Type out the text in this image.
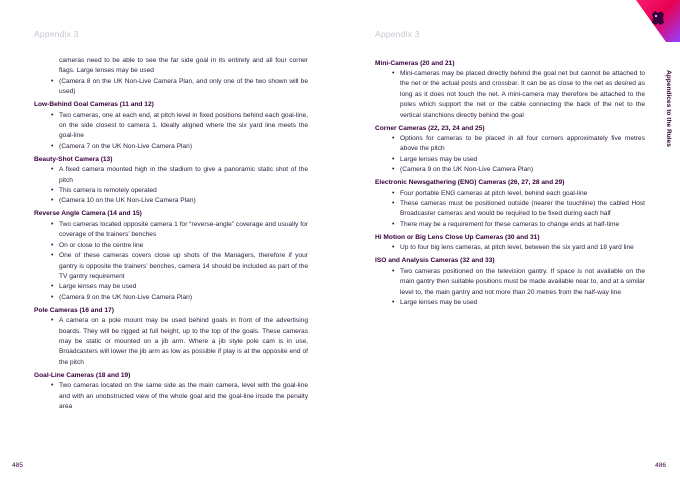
Appendix 3
cameras need to be able to see the far side goal in its entirety and all four corner flags. Large lenses may be used
• (Camera 8 on the UK Non-Live Camera Plan, and only one of the two shown will be used)
Low-Behind Goal Cameras (11 and 12)
• Two cameras, one at each end, at pitch level in fixed positions behind each goal-line, on the side closest to camera 1. Ideally aligned where the six yard line meets the goal-line
• (Camera 7 on the UK Non-Live Camera Plan)
Beauty-Shot Camera (13)
• A fixed camera mounted high in the stadium to give a panoramic static shot of the pitch
• This camera is remotely operated
• (Camera 10 on the UK Non-Live Camera Plan)
Reverse Angle Camera (14 and 15)
• Two cameras located opposite camera 1 for “reverse-angle” coverage and usually for coverage of the trainers’ benches
• On or close to the centre line
• One of these cameras covers close up shots of the Managers, therefore if your gantry is opposite the trainers’ benches, camera 14 should be included as part of the TV gantry requirement
• Large lenses may be used
• (Camera 9 on the UK Non-Live Camera Plan)
Pole Cameras (16 and 17)
• A camera on a pole mount may be used behind goals in front of the advertising boards. They will be rigged at full height, up to the top of the goals. These cameras may be static or mounted on a jib arm. Where a jib style pole cam is in use, Broadcasters will lower the jib arm as low as possible if play is at the opposite end of the pitch
Goal-Line Cameras (18 and 19)
• Two cameras located on the same side as the main camera, level with the goal-line and with an unobstructed view of the whole goal and the goal-line inside the penalty area
485
Appendix 3
Mini-Cameras (20 and 21)
• Mini-cameras may be placed directly behind the goal net but cannot be attached to the net or the actual posts and crossbar. It can be as close to the net as desired as long as it does not touch the net. A mini-camera may therefore be attached to the poles which support the net or the cable connecting the back of the net to the vertical stanchions directly behind the goal
Corner Cameras (22, 23, 24 and 25)
• Options for cameras to be placed in all four corners approximately five metres above the pitch
• Large lenses may be used
• (Camera 9 on the UK Non-Live Camera Plan)
Electronic Newsgathering (ENG) Cameras (26, 27, 28 and 29)
• Four portable ENG cameras at pitch level, behind each goal-line
• These cameras must be positioned outside (nearer the touchline) the cabled Host Broadcaster cameras and would be required to be fixed during each half
• There may be a requirement for these cameras to change ends at half-time
Hi Motion or Big Lens Close Up Cameras (30 and 31)
• Up to four big lens cameras, at pitch level, between the six yard and 18 yard line
ISO and Analysis Cameras (32 and 33)
• Two cameras positioned on the television gantry. If space is not available on the main gantry then suitable positions must be made available near to, and at a similar level to, the main gantry and not more than 20 metres from the half-way line
• Large lenses may be used
Appendices to the Rules
486
